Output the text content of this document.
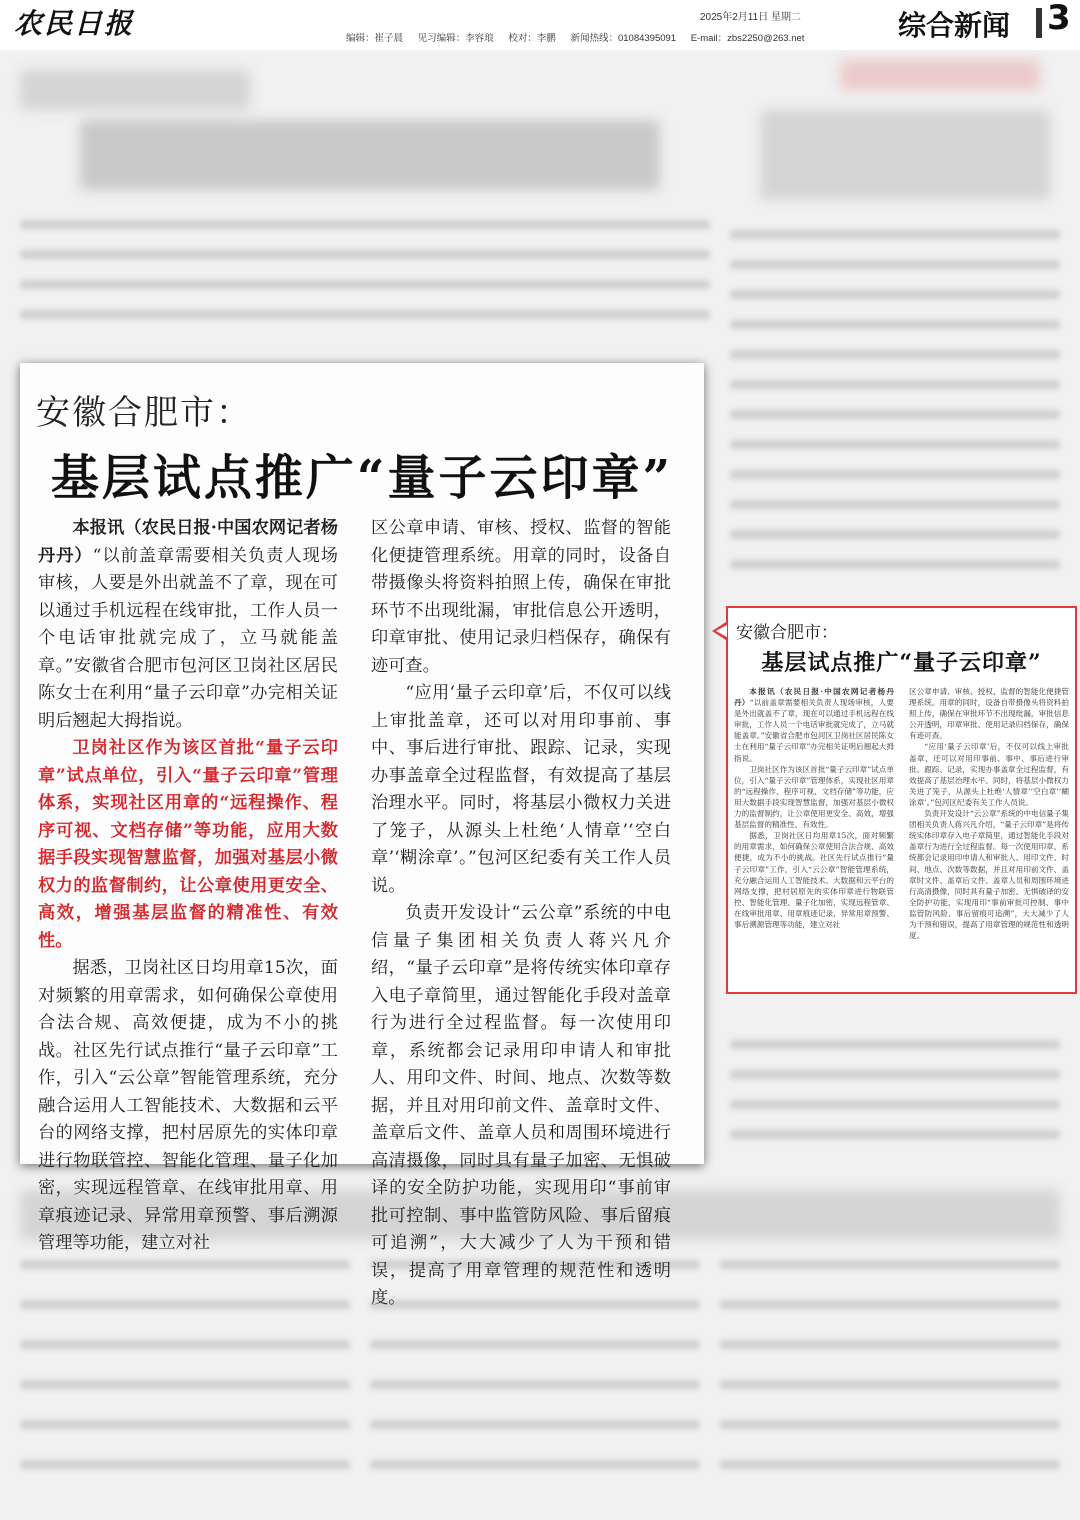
农民日报	2025年2月11日 星期二
编辑：崔子晨 见习编辑：李容琅 校对：李鹏 新闻热线：01084395091 E-mail：zbs2250@263.net	综合新闻 3
安徽合肥市：
基层试点推广“量子云印章”

本报讯（农民日报·中国农网记者杨丹丹）“以前盖章需要相关负责人现场审核，人要是外出就盖不了章，现在可以通过手机远程在线审批，工作人员一个电话审批就完成了，立马就能盖章。”安徽省合肥市包河区卫岗社区居民陈女士在利用“量子云印章”办完相关证明后翘起大拇指说。

卫岗社区作为该区首批“量子云印章”试点单位，引入“量子云印章”管理体系，实现社区用章的“远程操作、程序可视、文档存储”等功能，应用大数据手段实现智慧监督，加强对基层小微权力的监督制约，让公章使用更安全、高效，增强基层监督的精准性、有效性。

据悉，卫岗社区日均用章15次，面对频繁的用章需求，如何确保公章使用合法合规、高效便捷，成为不小的挑战。社区先行试点推行“量子云印章”工作，引入“云公章”智能管理系统，充分融合运用人工智能技术、大数据和云平台的网络支撑，把村居原先的实体印章进行物联管控、智能化管理、量子化加密，实现远程管章、在线审批用章、用章痕迹记录、异常用章预警、事后溯源管理等功能，建立对社

区公章申请、审核、授权、监督的智能化便捷管理系统。用章的同时，设备自带摄像头将资料拍照上传，确保在审批环节不出现纰漏，审批信息公开透明，印章审批、使用记录归档保存，确保有迹可查。

“应用‘量子云印章’后，不仅可以线上审批盖章，还可以对用印事前、事中、事后进行审批、跟踪、记录，实现办事盖章全过程监督，有效提高了基层治理水平。同时，将基层小微权力关进了笼子，从源头上杜绝‘人情章’‘空白章’‘糊涂章’。”包河区纪委有关工作人员说。

负责开发设计“云公章”系统的中电信量子集团相关负责人蒋兴凡介绍，“量子云印章”是将传统实体印章存入电子章简里，通过智能化手段对盖章行为进行全过程监督。每一次使用印章，系统都会记录用印申请人和审批人、用印文件、时间、地点、次数等数据，并且对用印前文件、盖章时文件、盖章后文件、盖章人员和周围环境进行高清摄像，同时具有量子加密、无惧破译的安全防护功能，实现用印“事前审批可控制、事中监管防风险、事后留痕可追溯”，大大减少了人为干预和错误，提高了用章管理的规范性和透明度。

安徽合肥市：
基层试点推广“量子云印章”

本报讯（农民日报·中国农网记者杨丹丹）“以前盖章需要相关负责人现场审核，人要是外出就盖不了章，现在可以通过手机远程在线审批，工作人员一个电话审批就完成了，立马就能盖章。”安徽省合肥市包河区卫岗社区居民陈女士在利用“量子云印章”办完相关证明后翘起大拇指说。

卫岗社区作为该区首批“量子云印章”试点单位，引入“量子云印章”管理体系，实现社区用章的“远程操作、程序可视、文档存储”等功能，应用大数据手段实现智慧监督，加强对基层小微权力的监督制约，让公章使用更安全、高效，增强基层监督的精准性、有效性。

据悉，卫岗社区日均用章15次，面对频繁的用章需求，如何确保公章使用合法合规、高效便捷，成为不小的挑战。社区先行试点推行“量子云印章”工作，引入“云公章”智能管理系统，充分融合运用人工智能技术、大数据和云平台的网络支撑，把村居原先的实体印章进行物联管控、智能化管理、量子化加密，实现远程管章、在线审批用章、用章痕迹记录、异常用章预警、事后溯源管理等功能，建立对社

区公章申请、审核、授权、监督的智能化便捷管理系统。用章的同时，设备自带摄像头将资料拍照上传，确保在审批环节不出现纰漏，审批信息公开透明，印章审批、使用记录归档保存，确保有迹可查。

“应用‘量子云印章’后，不仅可以线上审批盖章，还可以对用印事前、事中、事后进行审批、跟踪、记录，实现办事盖章全过程监督，有效提高了基层治理水平。同时，将基层小微权力关进了笼子，从源头上杜绝‘人情章’‘空白章’‘糊涂章’。”包河区纪委有关工作人员说。

负责开发设计“云公章”系统的中电信量子集团相关负责人蒋兴凡介绍，“量子云印章”是将传统实体印章存入电子章简里，通过智能化手段对盖章行为进行全过程监督。每一次使用印章，系统都会记录用印申请人和审批人、用印文件、时间、地点、次数等数据，并且对用印前文件、盖章时文件、盖章后文件、盖章人员和周围环境进行高清摄像，同时具有量子加密、无惧破译的安全防护功能，实现用印“事前审批可控制、事中监管防风险、事后留痕可追溯”，大大减少了人为干预和错误，提高了用章管理的规范性和透明度。
